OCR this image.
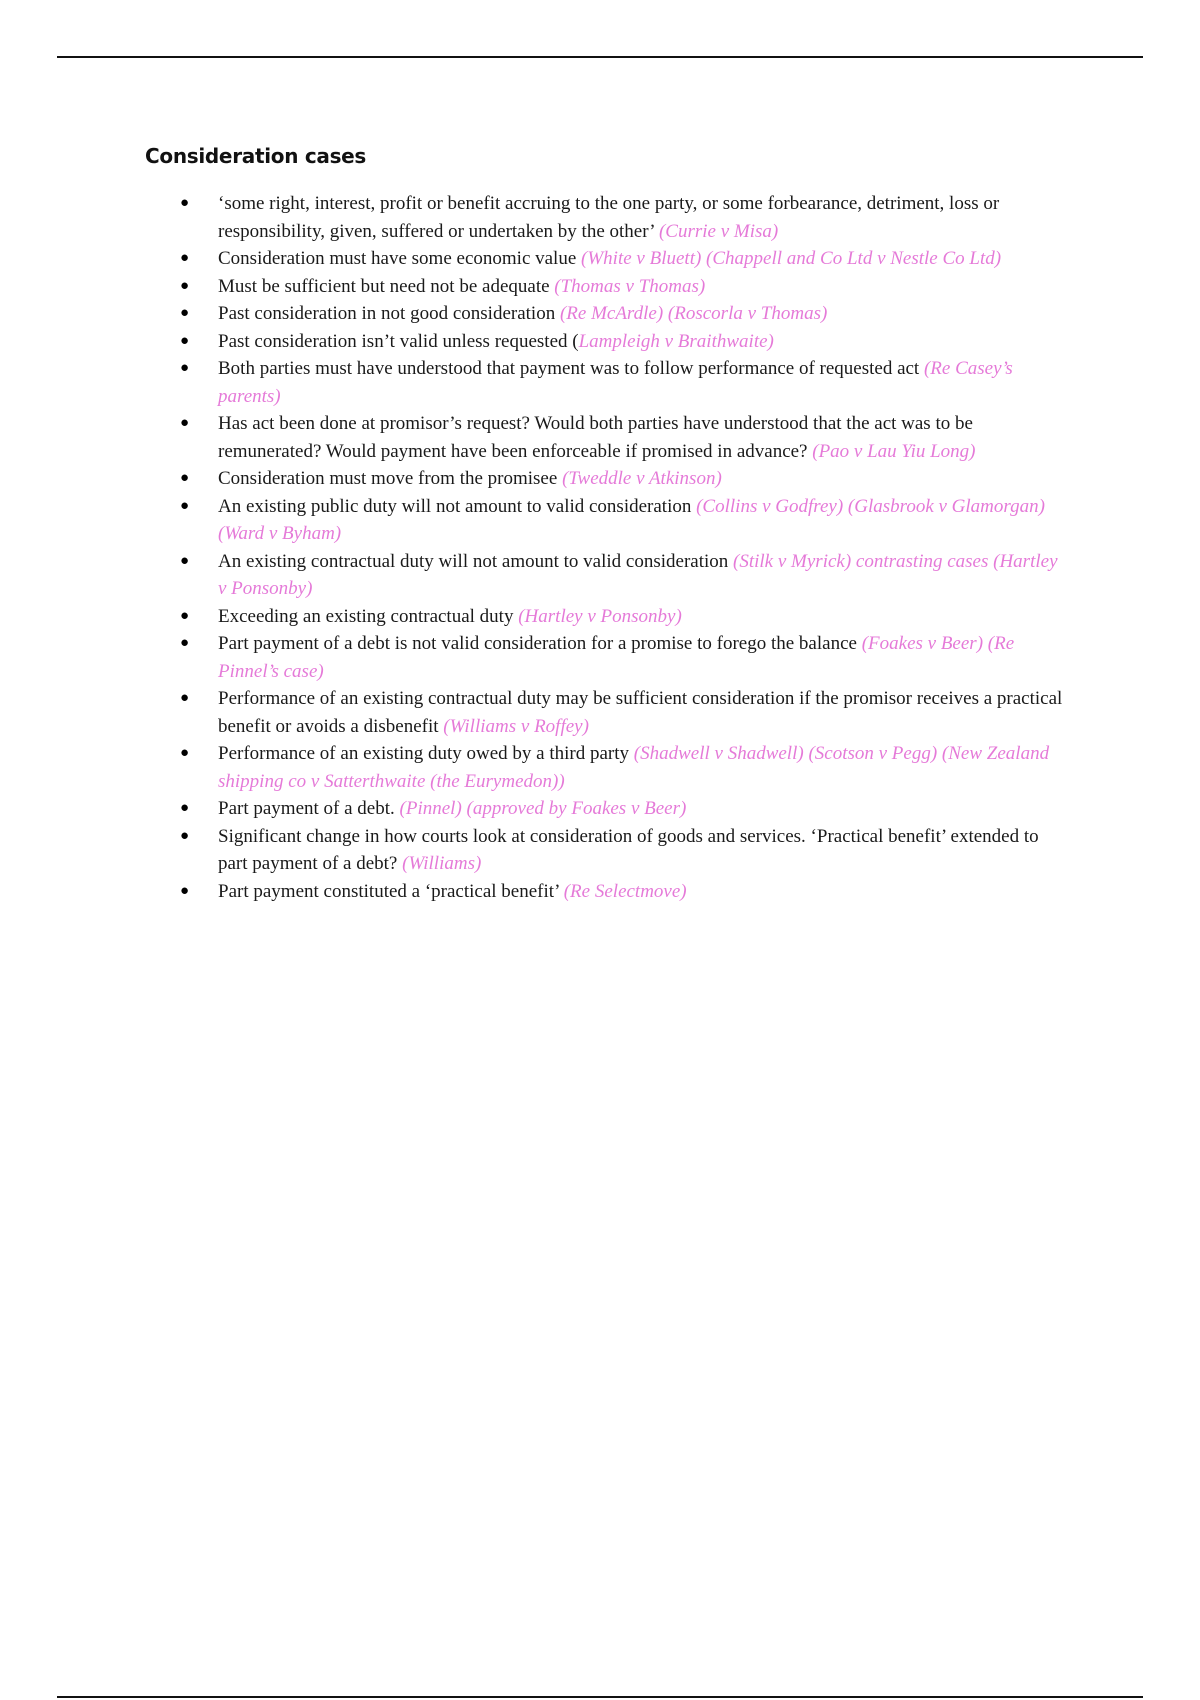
Consideration cases
● ‘some right, interest, profit or benefit accruing to the one party, or some forbearance, detriment, loss or responsibility, given, suffered or undertaken by the other’ (Currie v Misa)
● Consideration must have some economic value (White v Bluett) (Chappell and Co Ltd v Nestle Co Ltd)
● Must be sufficient but need not be adequate (Thomas v Thomas)
● Past consideration in not good consideration (Re McArdle) (Roscorla v Thomas)
● Past consideration isn’t valid unless requested (Lampleigh v Braithwaite)
● Both parties must have understood that payment was to follow performance of requested act (Re Casey’s parents)
● Has act been done at promisor’s request? Would both parties have understood that the act was to be remunerated? Would payment have been enforceable if promised in advance? (Pao v Lau Yiu Long)
● Consideration must move from the promisee (Tweddle v Atkinson)
● An existing public duty will not amount to valid consideration (Collins v Godfrey) (Glasbrook v Glamorgan) (Ward v Byham)
● An existing contractual duty will not amount to valid consideration (Stilk v Myrick) contrasting cases (Hartley v Ponsonby)
● Exceeding an existing contractual duty (Hartley v Ponsonby)
● Part payment of a debt is not valid consideration for a promise to forego the balance (Foakes v Beer) (Re Pinnel’s case)
● Performance of an existing contractual duty may be sufficient consideration if the promisor receives a practical benefit or avoids a disbenefit (Williams v Roffey)
● Performance of an existing duty owed by a third party (Shadwell v Shadwell) (Scotson v Pegg) (New Zealand shipping co v Satterthwaite (the Eurymedon))
● Part payment of a debt. (Pinnel) (approved by Foakes v Beer)
● Significant change in how courts look at consideration of goods and services. ‘Practical benefit’ extended to part payment of a debt? (Williams)
● Part payment constituted a ‘practical benefit’ (Re Selectmove)
